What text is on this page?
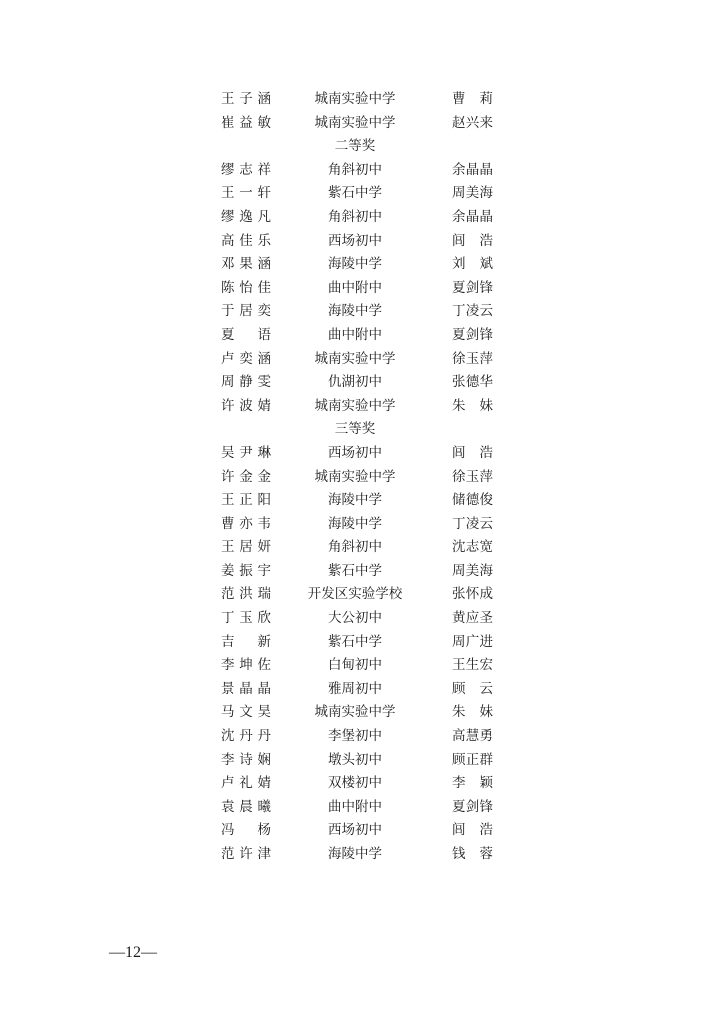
王子涵	城南实验中学	曹　莉
崔益敏	城南实验中学	赵兴来
二等奖
缪志祥	角斜初中	余晶晶
王一轩	紫石中学	周美海
缪逸凡	角斜初中	余晶晶
高佳乐	西场初中	闾　浩
邓果涵	海陵中学	刘　斌
陈怡佳	曲中附中	夏剑锋
于居奕	海陵中学	丁凌云
夏　语	曲中附中	夏剑锋
卢奕涵	城南实验中学	徐玉萍
周静雯	仇湖初中	张德华
许波婧	城南实验中学	朱　妹
三等奖
吴尹琳	西场初中	闾　浩
许金金	城南实验中学	徐玉萍
王正阳	海陵中学	储德俊
曹亦韦	海陵中学	丁凌云
王居妍	角斜初中	沈志宽
姜振宇	紫石中学	周美海
范洪瑞	开发区实验学校	张怀成
丁玉欣	大公初中	黄应圣
吉　新	紫石中学	周广进
李坤佐	白甸初中	王生宏
景晶晶	雅周初中	顾　云
马文昊	城南实验中学	朱　妹
沈丹丹	李堡初中	高慧勇
李诗娴	墩头初中	顾正群
卢礼婧	双楼初中	李　颖
袁晨曦	曲中附中	夏剑锋
冯　杨	西场初中	闾　浩
范许津	海陵中学	钱　蓉
—12—
